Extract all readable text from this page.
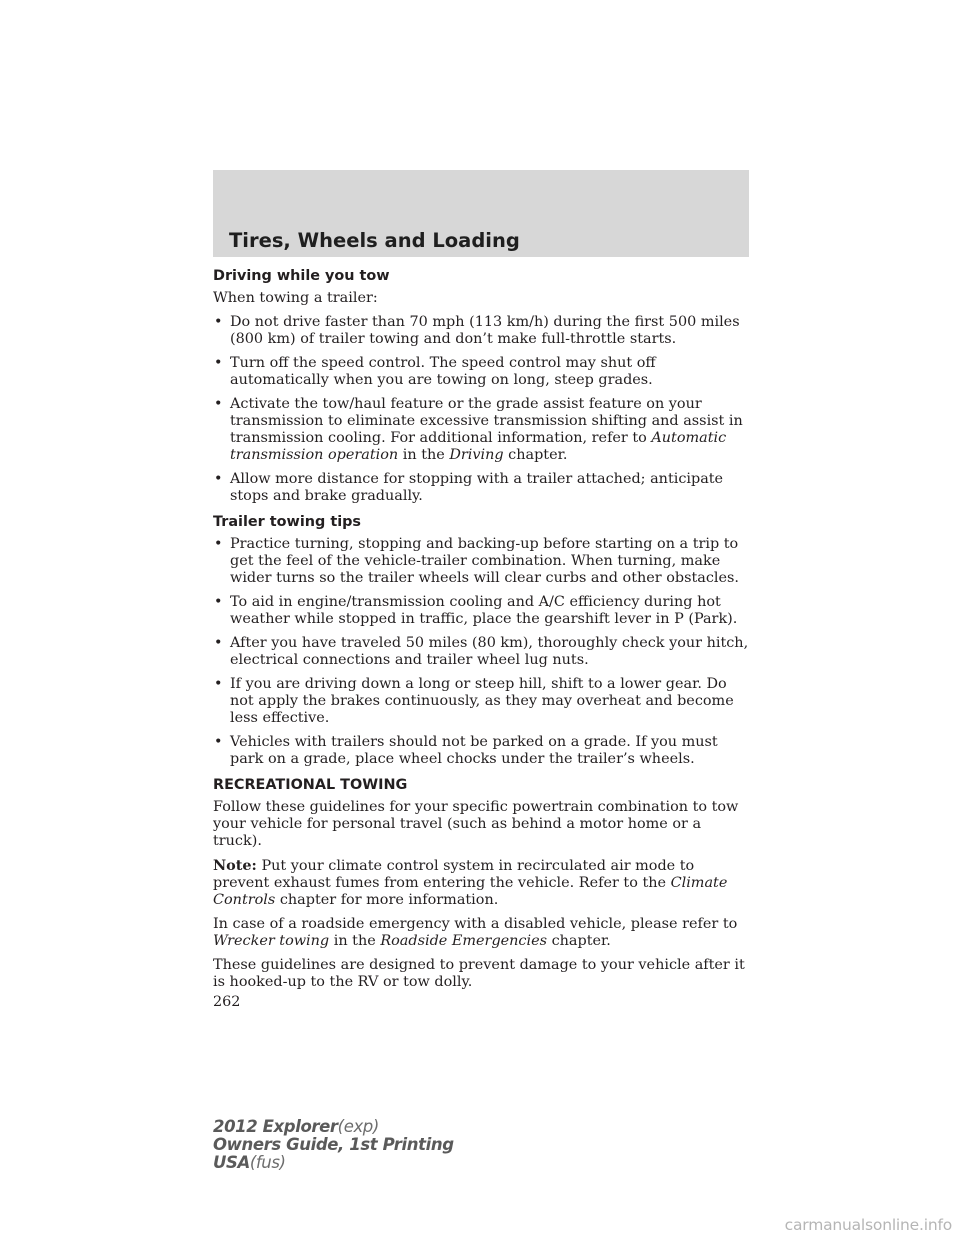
Tires, Wheels and Loading
Driving while you tow

When towing a trailer:

• Do not drive faster than 70 mph (113 km/h) during the first 500 miles (800 km) of trailer towing and don’t make full-throttle starts.
• Turn off the speed control. The speed control may shut off automatically when you are towing on long, steep grades.
• Activate the tow/haul feature or the grade assist feature on your transmission to eliminate excessive transmission shifting and assist in transmission cooling. For additional information, refer to Automatic transmission operation in the Driving chapter.
• Allow more distance for stopping with a trailer attached; anticipate stops and brake gradually.
Trailer towing tips
• Practice turning, stopping and backing-up before starting on a trip to get the feel of the vehicle-trailer combination. When turning, make wider turns so the trailer wheels will clear curbs and other obstacles.
• To aid in engine/transmission cooling and A/C efficiency during hot weather while stopped in traffic, place the gearshift lever in P (Park).
• After you have traveled 50 miles (80 km), thoroughly check your hitch, electrical connections and trailer wheel lug nuts.
• If you are driving down a long or steep hill, shift to a lower gear. Do not apply the brakes continuously, as they may overheat and become less effective.
• Vehicles with trailers should not be parked on a grade. If you must park on a grade, place wheel chocks under the trailer’s wheels.
RECREATIONAL TOWING

Follow these guidelines for your specific powertrain combination to tow your vehicle for personal travel (such as behind a motor home or a truck).

Note: Put your climate control system in recirculated air mode to prevent exhaust fumes from entering the vehicle. Refer to the Climate Controls chapter for more information.

In case of a roadside emergency with a disabled vehicle, please refer to Wrecker towing in the Roadside Emergencies chapter.

These guidelines are designed to prevent damage to your vehicle after it is hooked-up to the RV or tow dolly.

262
2012 Explorer(exp)
Owners Guide, 1st Printing
USA(fus)
carmanualsonline.info
